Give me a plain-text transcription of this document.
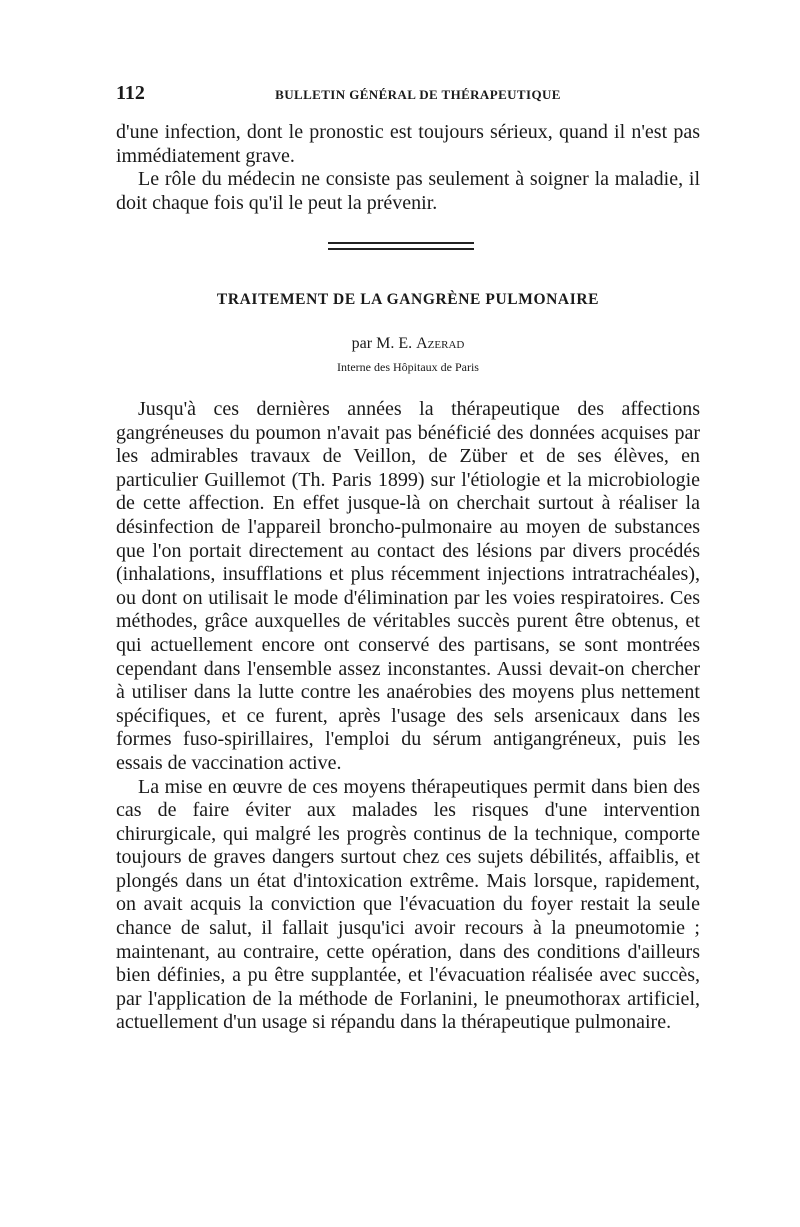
112	BULLETIN GÉNÉRAL DE THÉRAPEUTIQUE

d'une infection, dont le pronostic est toujours sérieux, quand il n'est pas immédiatement grave.

Le rôle du médecin ne consiste pas seulement à soigner la maladie, il doit chaque fois qu'il le peut la prévenir.

TRAITEMENT DE LA GANGRÈNE PULMONAIRE
par M. E. Azerad
Interne des Hôpitaux de Paris

Jusqu'à ces dernières années la thérapeutique des affections gangréneuses du poumon n'avait pas bénéficié des données acquises par les admirables travaux de Veillon, de Züber et de ses élèves, en particulier Guillemot (Th. Paris 1899) sur l'étiologie et la microbiologie de cette affection. En effet jusque-là on cherchait surtout à réaliser la désinfection de l'appareil broncho-pulmonaire au moyen de substances que l'on portait directement au contact des lésions par divers procédés (inhalations, insufflations et plus récemment injections intratrachéales), ou dont on utilisait le mode d'élimination par les voies respiratoires. Ces méthodes, grâce auxquelles de véritables succès purent être obtenus, et qui actuellement encore ont conservé des partisans, se sont montrées cependant dans l'ensemble assez inconstantes. Aussi devait-on chercher à utiliser dans la lutte contre les anaérobies des moyens plus nettement spécifiques, et ce furent, après l'usage des sels arsenicaux dans les formes fuso-spirillaires, l'emploi du sérum antigangréneux, puis les essais de vaccination active.

La mise en œuvre de ces moyens thérapeutiques permit dans bien des cas de faire éviter aux malades les risques d'une intervention chirurgicale, qui malgré les progrès continus de la technique, comporte toujours de graves dangers surtout chez ces sujets débilités, affaiblis, et plongés dans un état d'intoxication extrême. Mais lorsque, rapidement, on avait acquis la conviction que l'évacuation du foyer restait la seule chance de salut, il fallait jusqu'ici avoir recours à la pneumotomie ; maintenant, au contraire, cette opération, dans des conditions d'ailleurs bien définies, a pu être supplantée, et l'évacuation réalisée avec succès, par l'application de la méthode de Forlanini, le pneumothorax artificiel, actuellement d'un usage si répandu dans la thérapeutique pulmonaire.
